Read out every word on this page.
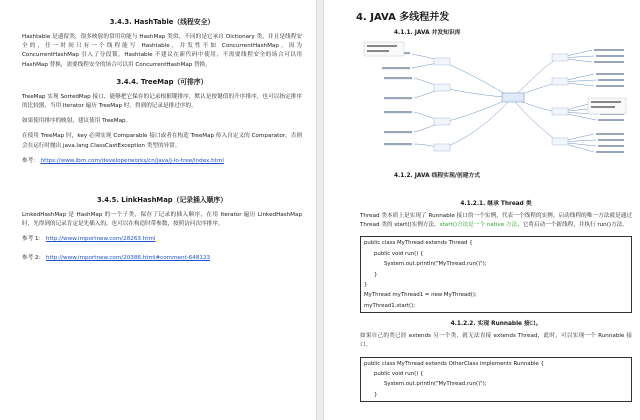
3.4.3. HashTable（线程安全）
Hashtable 是遗留类，很多映射的常用功能与 HashMap 类似，不同的是它承自 Dictionary 类，并且是线程安全的，任一时间只有一个线程能写 Hashtable，并发性不如 ConcurrentHashMap，因为 ConcurrentHashMap 引入了分段锁。Hashtable 不建议在新代码中使用，不需要线程安全的场合可以用 HashMap 替换，需要线程安全的场合可以用 ConcurrentHashMap 替换。
3.4.4. TreeMap（可排序）
TreeMap 实现 SortedMap 接口，能够把它保存的记录根据键排序，默认是按键值的升序排序，也可以指定排序的比较器，当用 Iterator 遍历 TreeMap 时，得到的记录是排过序的。
如果使用排序的映射，建议使用 TreeMap。
在使用 TreeMap 时，key 必须实现 Comparable 接口或者在构造 TreeMap 传入自定义的 Comparator，否则会在运行时抛出 java.lang.ClassCastException 类型的异常。
参考： https://www.ibm.com/developerworks/cn/java/j-lo-tree/index.html
3.4.5. LinkHashMap（记录插入顺序）
LinkedHashMap 是 HashMap 的一个子类，保存了记录的插入顺序，在用 Iterator 遍历 LinkedHashMap 时，先得到的记录肯定是先插入的，也可以在构造时带参数，按照访问次序排序。
参考 1： http://www.importnew.com/28263.html
参考 2： http://www.importnew.com/20386.html#comment-648123
4. JAVA 多线程并发
4.1.1. JAVA 并发知识库
4.1.2. JAVA 线程实现/创建方式
4.1.2.1. 继承 Thread 类
Thread 类本质上是实现了 Runnable 接口的一个实例，代表一个线程的实例。启动线程的唯一方法就是通过 Thread 类的 start()实例方法。start()方法是一个 native 方法，它将启动一个新线程，并执行 run()方法。
public class MyThread extends Thread {
public void run() {
System.out.println("MyThread.run()");
}
}
MyThread myThread1 = new MyThread();
myThread1.start();
4.1.2.2. 实现 Runnable 接口。
如果自己的类已经 extends 另一个类，就无法直接 extends Thread，此时，可以实现一个 Runnable 接口。
public class MyThread extends OtherClass implements Runnable {
public void run() {
System.out.println("MyThread.run()");
}
